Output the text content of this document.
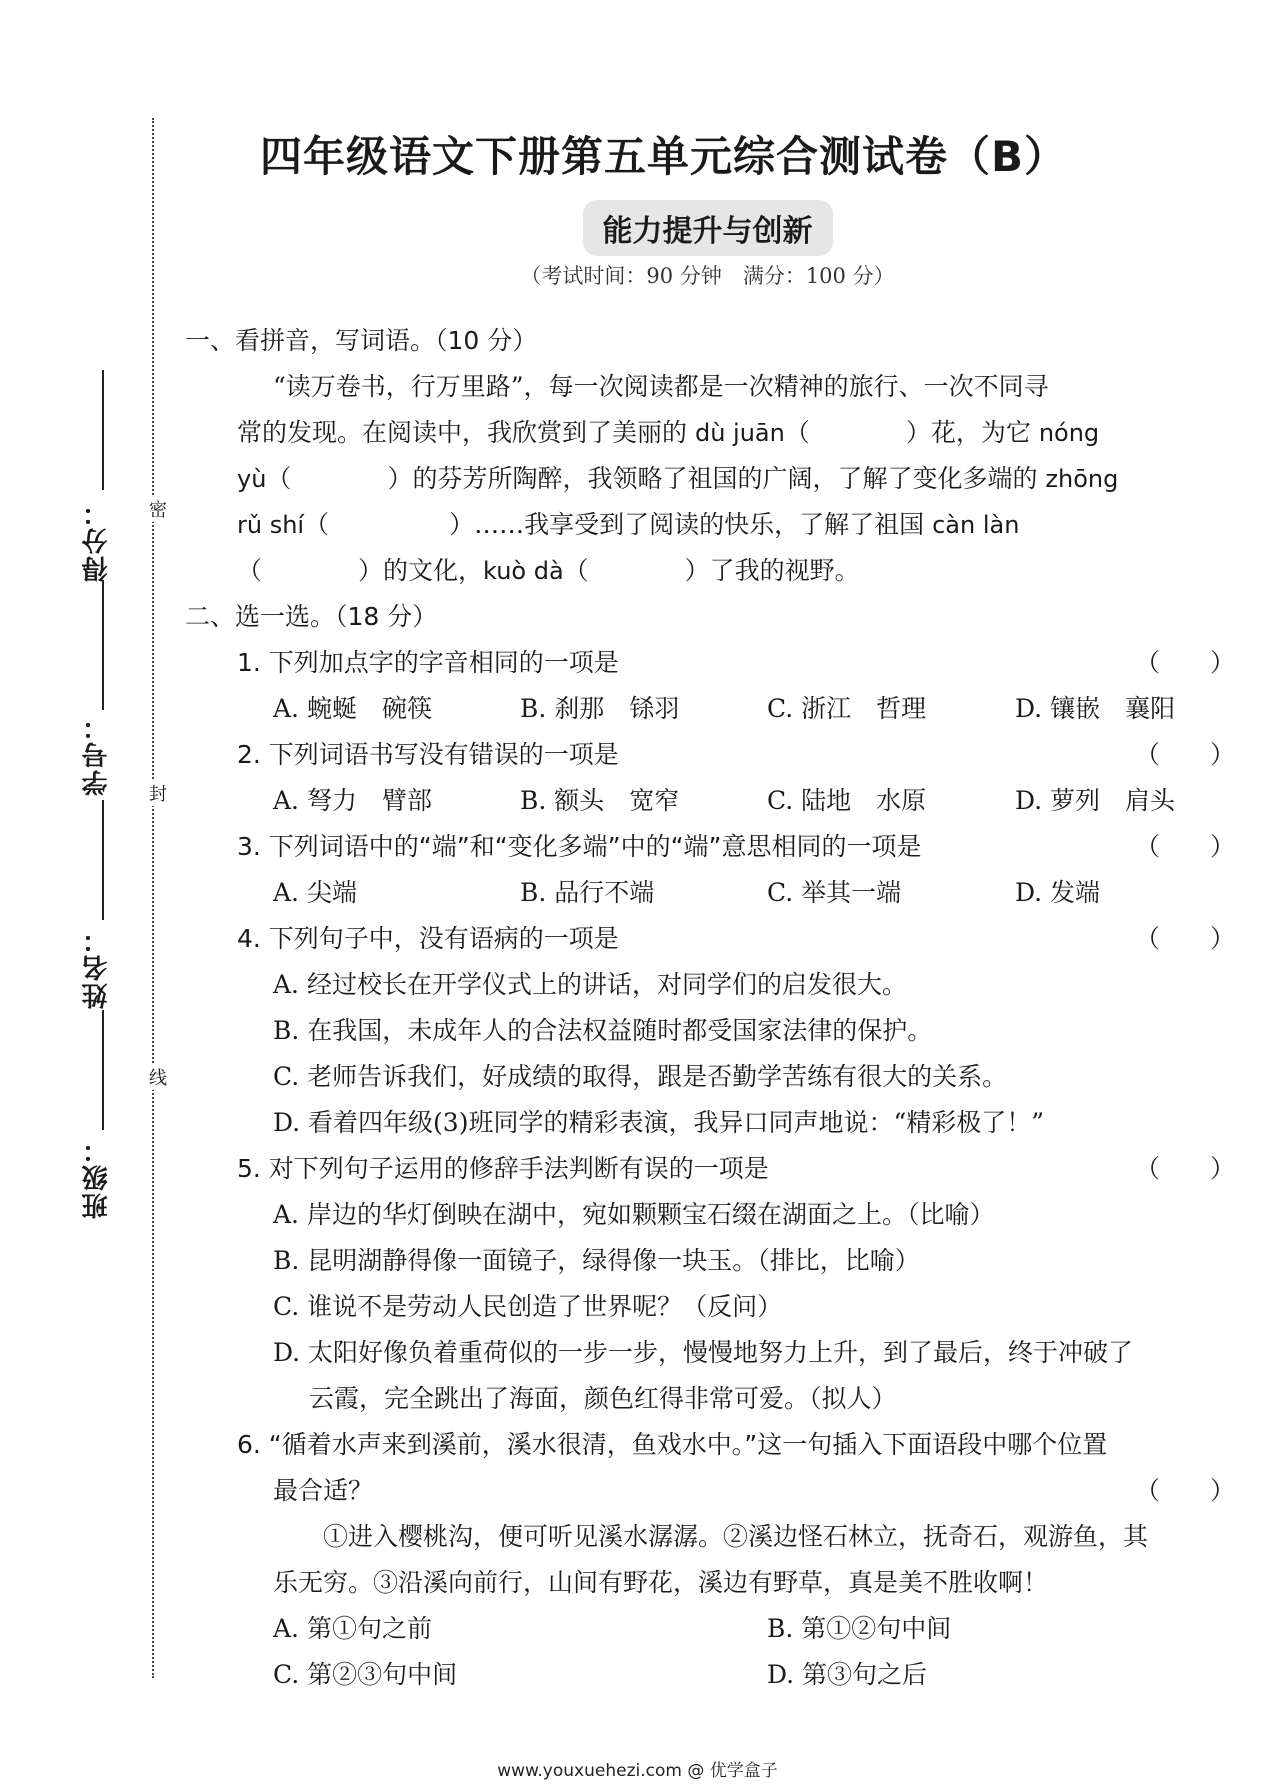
得分：
学号：
姓名：
班级：
密
封
线
四年级语文下册第五单元综合测试卷（B）
能力提升与创新
（考试时间：90 分钟　满分：100 分）
一、看拼音，写词语。（10 分）
“读万卷书，行万里路”，每一次阅读都是一次精神的旅行、一次不同寻
常的发现。在阅读中，我欣赏到了美丽的 dù juān（	）花，为它 nóng
yù（	）的芬芳所陶醉，我领略了祖国的广阔，了解了变化多端的 zhōng
rǔ shí（	）……我享受到了阅读的快乐，了解了祖国 càn làn
（	）的文化，kuò dà（	）了我的视野。
二、选一选。（18 分）
1. 下列加点字的字音相同的一项是	（　　）
A. 蜿蜒　 碗筷	B. 刹那　 铩羽	C. 浙江　 哲理	D. 镶嵌　 襄阳
2. 下列词语书写没有错误的一项是	（　　）
A. 弩力　臂部	B. 额头　宽窄	C. 陆地　水原	D. 萝列　肩头
3. 下列词语中的“端”和“变化多端”中的“端”意思相同的一项是	（　　）
A. 尖端	B. 品行不端	C. 举其一端	D. 发端
4. 下列句子中，没有语病的一项是	（　　）
A. 经过校长在开学仪式上的讲话，对同学们的启发很大。
B. 在我国，未成年人的合法权益随时都受国家法律的保护。
C. 老师告诉我们，好成绩的取得，跟是否勤学苦练有很大的关系。
D. 看着四年级(3)班同学的精彩表演，我异口同声地说：“精彩极了！”
5. 对下列句子运用的修辞手法判断有误的一项是	（　　）
A. 岸边的华灯倒映在湖中，宛如颗颗宝石缀在湖面之上。（比喻）
B. 昆明湖静得像一面镜子，绿得像一块玉。（排比，比喻）
C. 谁说不是劳动人民创造了世界呢？（反问）
D. 太阳好像负着重荷似的一步一步，慢慢地努力上升，到了最后，终于冲破了
云霞，完全跳出了海面，颜色红得非常可爱。（拟人）
6. “循着水声来到溪前，溪水很清，鱼戏水中。”这一句插入下面语段中哪个位置
最合适？	（　　）
①进入樱桃沟，便可听见溪水潺潺。②溪边怪石林立，抚奇石，观游鱼，其
乐无穷。③沿溪向前行，山间有野花，溪边有野草，真是美不胜收啊！
A. 第①句之前	B. 第①②句中间
C. 第②③句中间	D. 第③句之后
www.youxuehezi.com @ 优学盒子
